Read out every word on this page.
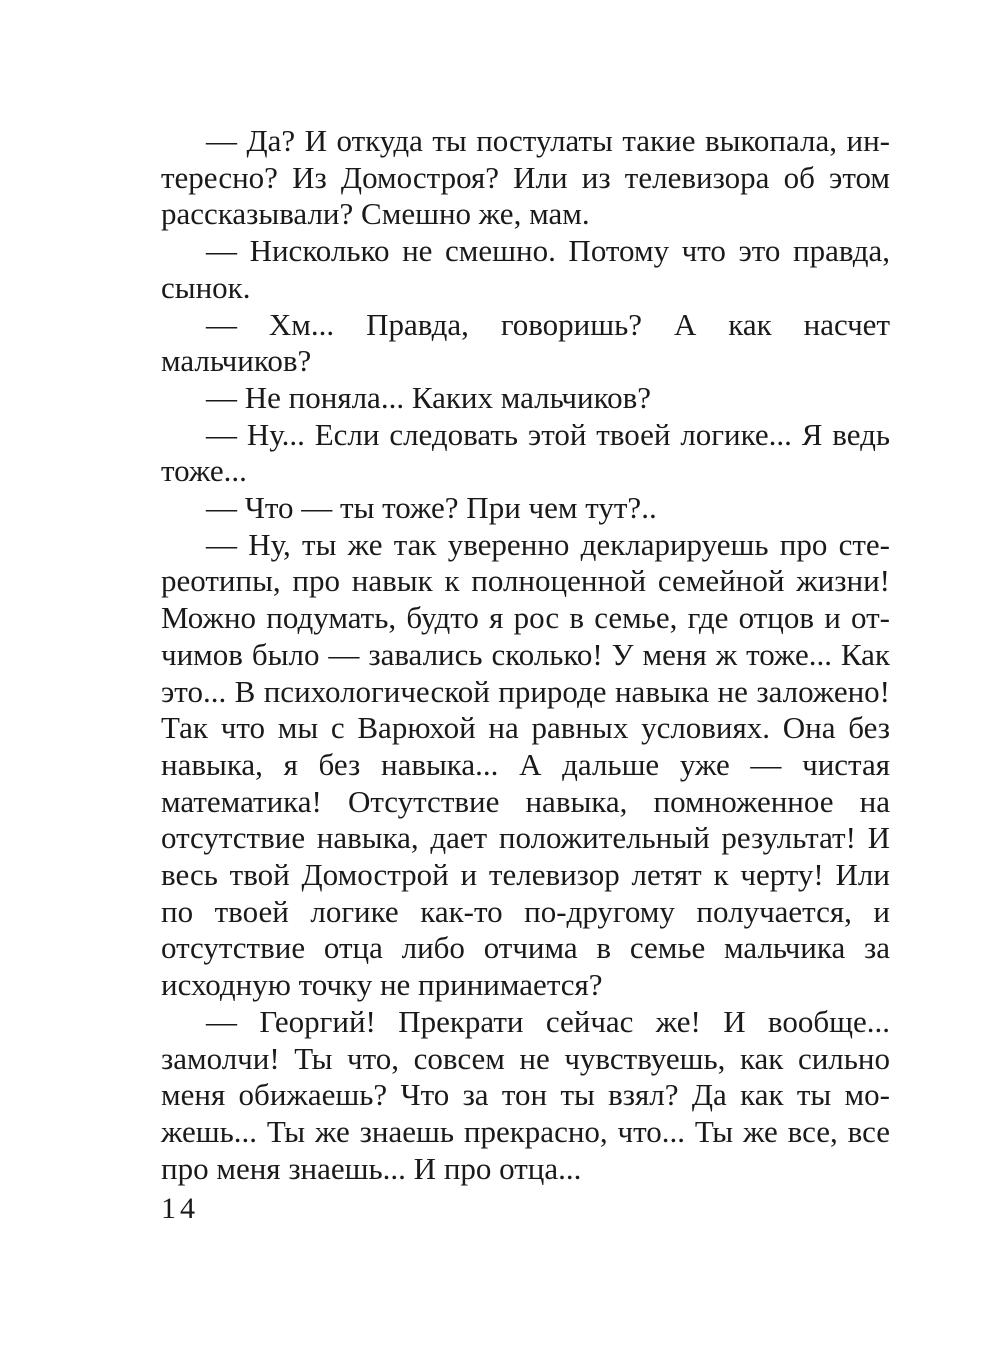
— Да? И откуда ты постулаты такие выкопала, интересно? Из Домостроя? Или из телевизора об этом рассказывали? Смешно же, мам.

— Нисколько не смешно. Потому что это правда, сынок.

— Хм... Правда, говоришь? А как насчет мальчиков?

— Не поняла... Каких мальчиков?

— Ну... Если следовать этой твоей логике... Я ведь тоже...

— Что — ты тоже? При чем тут?..

— Ну, ты же так уверенно декларируешь про стереотипы, про навык к полноценной семейной жизни! Можно подумать, будто я рос в семье, где отцов и отчимов было — завались сколько! У меня ж тоже... Как это... В психологической природе навыка не заложено! Так что мы с Варюхой на равных условиях. Она без навыка, я без навыка... А дальше уже — чистая математика! Отсутствие навыка, помноженное на отсутствие навыка, дает положительный результат! И весь твой Домострой и телевизор летят к черту! Или по твоей логике как-то по-другому получается, и отсутствие отца либо отчима в семье мальчика за исходную точку не принимается?

— Георгий! Прекрати сейчас же! И вообще... замолчи! Ты что, совсем не чувствуешь, как сильно меня обижаешь? Что за тон ты взял? Да как ты можешь... Ты же знаешь прекрасно, что... Ты же все, все про меня знаешь... И про отца...

14
